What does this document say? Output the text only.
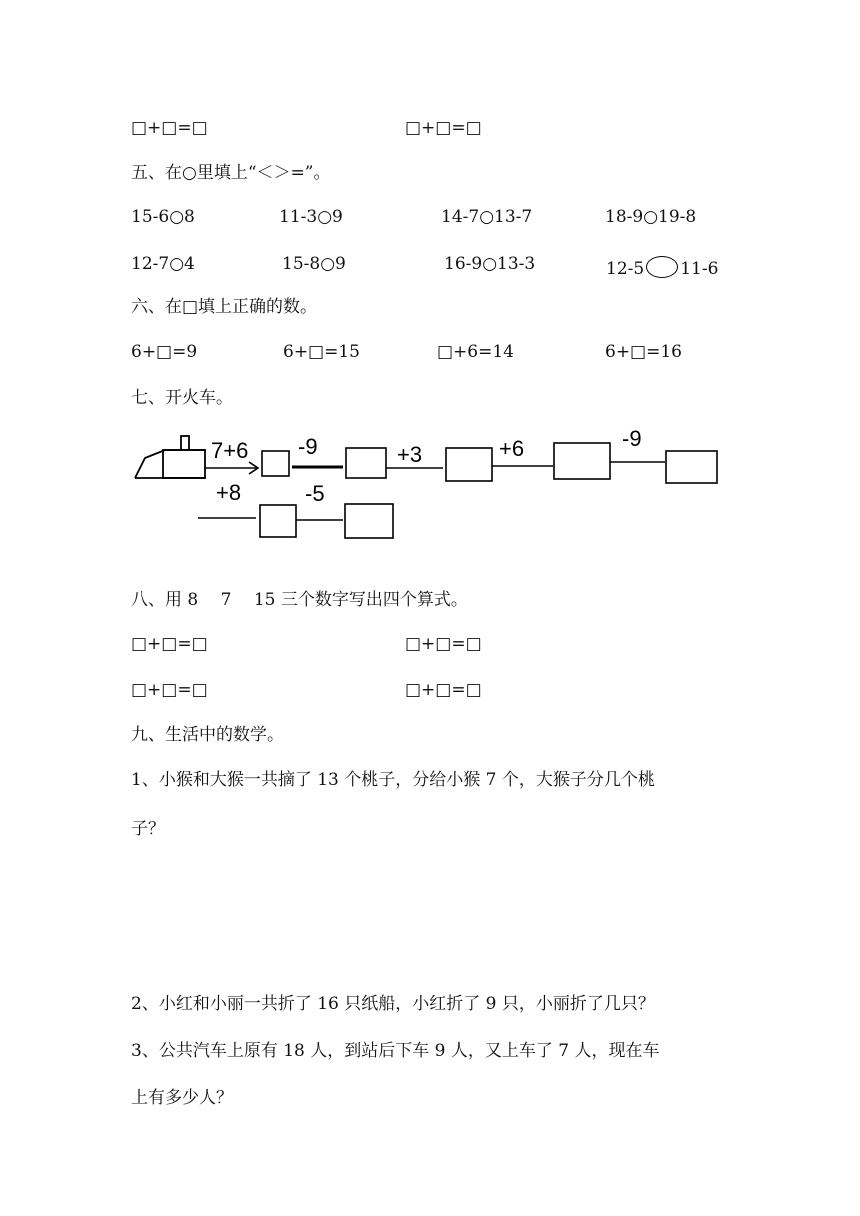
□+□=□	□+□=□
五、在○里填上“＜＞=”。
15-6○8	11-3○9	14-7○13-7	18-9○19-8
12-7○4	15-8○9	16-9○13-3	12-5 11-6
六、在□填上正确的数。
6+□=9	6+□=15	□+6=14	6+□=16
七、开火车。
7+6 -9	+3	+6	-9
+8	-5
八、用 8　 7　 15 三个数字写出四个算式。
□+□=□	□+□=□
□+□=□	□+□=□
九、生活中的数学。
1、小猴和大猴一共摘了 13 个桃子，分给小猴 7 个，大猴子分几个桃
子？
2、小红和小丽一共折了 16 只纸船，小红折了 9 只，小丽折了几只？
3、公共汽车上原有 18 人，到站后下车 9 人，又上车了 7 人，现在车
上有多少人？
